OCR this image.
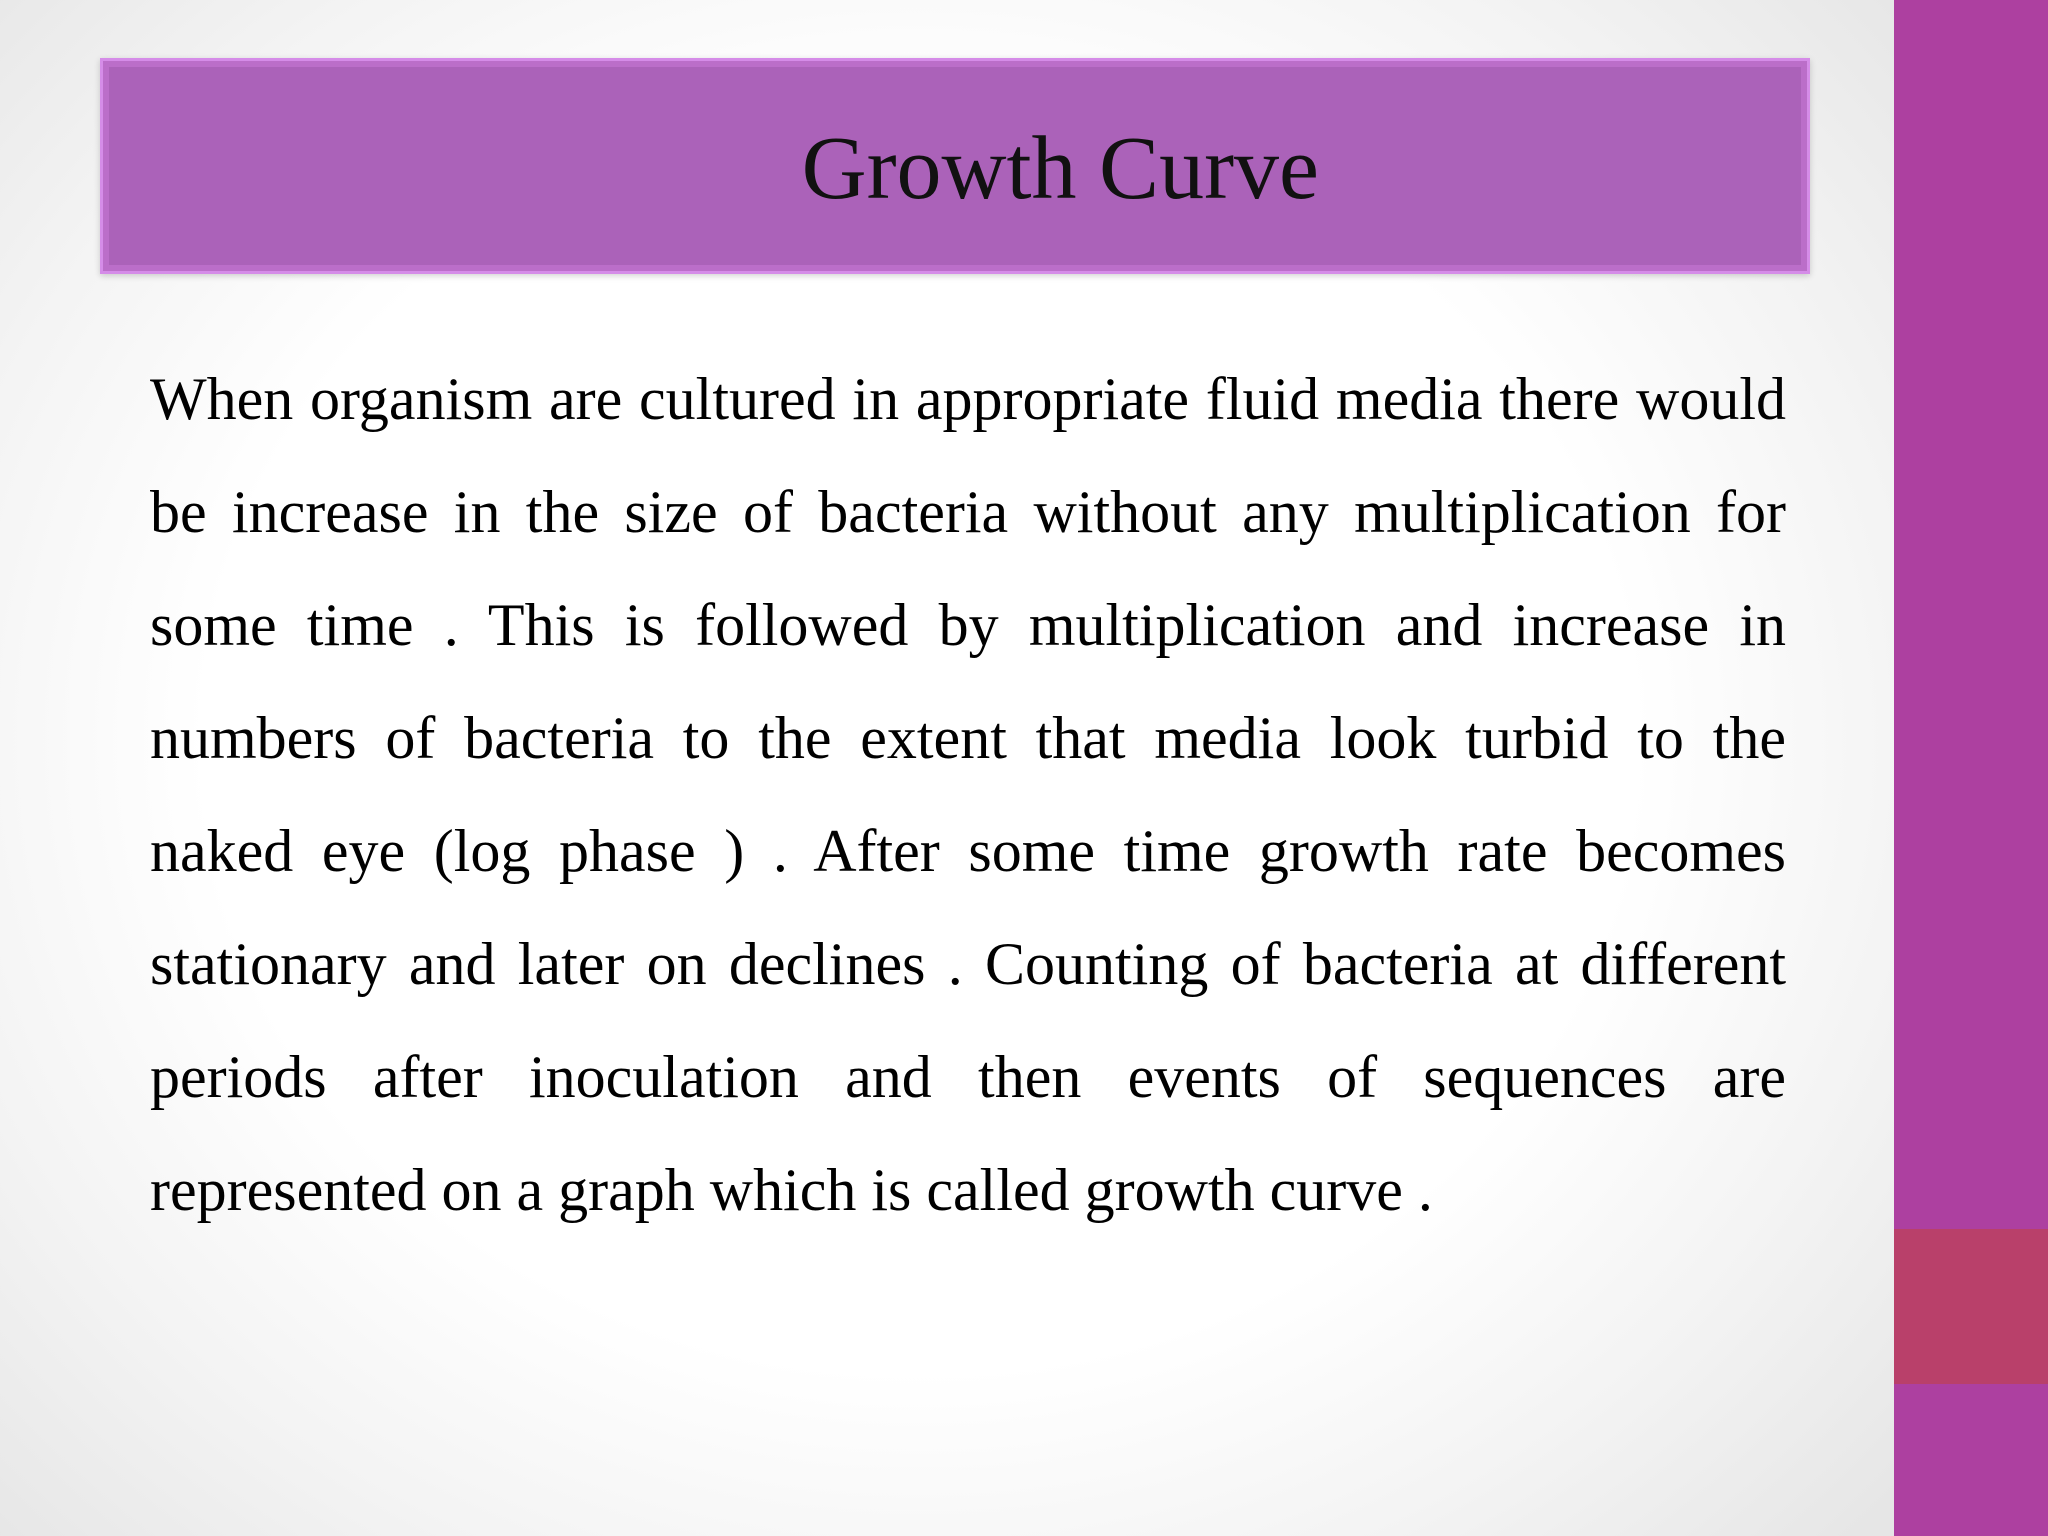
Growth Curve

When organism are cultured in appropriate fluid media there would be increase in the size of bacteria without any multiplication for some time . This is followed by multiplication and increase in numbers of bacteria to the extent that media look turbid to the naked eye (log phase ) . After some time growth rate becomes stationary and later on declines . Counting of bacteria at different periods after inoculation and then events of sequences are represented on a graph which is called growth curve .
